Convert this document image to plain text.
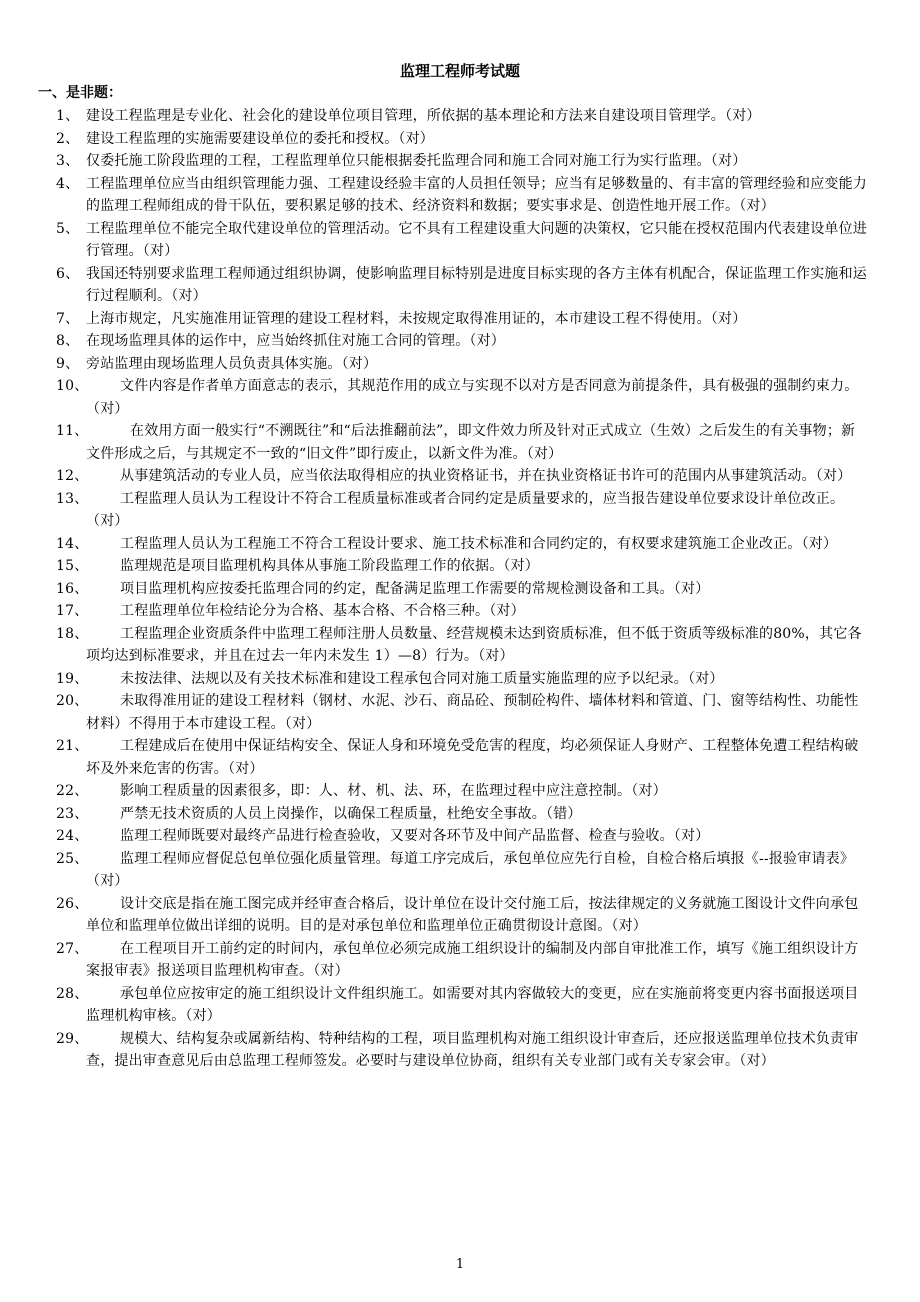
监理工程师考试题
一、是非题：
1、 建设工程监理是专业化、社会化的建设单位项目管理，所依据的基本理论和方法来自建设项目管理学。（对）
2、 建设工程监理的实施需要建设单位的委托和授权。（对）
3、 仅委托施工阶段监理的工程，工程监理单位只能根据委托监理合同和施工合同对施工行为实行监理。（对）
4、 工程监理单位应当由组织管理能力强、工程建设经验丰富的人员担任领导；应当有足够数量的、有丰富的管理经验和应变能力的监理工程师组成的骨干队伍，要积累足够的技术、经济资料和数据；要实事求是、创造性地开展工作。（对）
5、 工程监理单位不能完全取代建设单位的管理活动。它不具有工程建设重大问题的决策权，它只能在授权范围内代表建设单位进行管理。（对）
6、 我国还特别要求监理工程师通过组织协调，使影响监理目标特别是进度目标实现的各方主体有机配合，保证监理工作实施和运行过程顺利。（对）
7、 上海市规定，凡实施准用证管理的建设工程材料，未按规定取得准用证的，本市建设工程不得使用。（对）
8、 在现场监理具体的运作中，应当始终抓住对施工合同的管理。（对）
9、 旁站监理由现场监理人员负责具体实施。（对）
10、	文件内容是作者单方面意志的表示，其规范作用的成立与实现不以对方是否同意为前提条件，具有极强的强制约束力。（对）
11、	在效用方面一般实行“不溯既往”和“后法推翻前法”，即文件效力所及针对正式成立（生效）之后发生的有关事物；新文件形成之后，与其规定不一致的“旧文件”即行废止，以新文件为准。（对）
12、	从事建筑活动的专业人员，应当依法取得相应的执业资格证书，并在执业资格证书许可的范围内从事建筑活动。（对）
13、	工程监理人员认为工程设计不符合工程质量标准或者合同约定是质量要求的，应当报告建设单位要求设计单位改正。（对）
14、	工程监理人员认为工程施工不符合工程设计要求、施工技术标准和合同约定的，有权要求建筑施工企业改正。（对）
15、	监理规范是项目监理机构具体从事施工阶段监理工作的依据。（对）
16、	项目监理机构应按委托监理合同的约定，配备满足监理工作需要的常规检测设备和工具。（对）
17、	工程监理单位年检结论分为合格、基本合格、不合格三种。（对）
18、	工程监理企业资质条件中监理工程师注册人员数量、经营规模未达到资质标准，但不低于资质等级标准的80%，其它各项均达到标准要求，并且在过去一年内未发生 1）—8）行为。（对）
19、	未按法律、法规以及有关技术标准和建设工程承包合同对施工质量实施监理的应予以纪录。（对）
20、	未取得准用证的建设工程材料（钢材、水泥、沙石、商品砼、预制砼构件、墙体材料和管道、门、窗等结构性、功能性材料）不得用于本市建设工程。（对）
21、	工程建成后在使用中保证结构安全、保证人身和环境免受危害的程度，均必须保证人身财产、工程整体免遭工程结构破坏及外来危害的伤害。（对）
22、	影响工程质量的因素很多，即：人、材、机、法、环，在监理过程中应注意控制。（对）
23、	严禁无技术资质的人员上岗操作，以确保工程质量，杜绝安全事故。（错）
24、	监理工程师既要对最终产品进行检查验收，又要对各环节及中间产品监督、检查与验收。（对）
25、	监理工程师应督促总包单位强化质量管理。每道工序完成后，承包单位应先行自检，自检合格后填报《--报验审请表》（对）
26、	设计交底是指在施工图完成并经审查合格后，设计单位在设计交付施工后，按法律规定的义务就施工图设计文件向承包单位和监理单位做出详细的说明。目的是对承包单位和监理单位正确贯彻设计意图。（对）
27、	在工程项目开工前约定的时间内，承包单位必须完成施工组织设计的编制及内部自审批准工作，填写《施工组织设计方案报审表》报送项目监理机构审查。（对）
28、	承包单位应按审定的施工组织设计文件组织施工。如需要对其内容做较大的变更，应在实施前将变更内容书面报送项目监理机构审核。（对）
29、	规模大、结构复杂或属新结构、特种结构的工程，项目监理机构对施工组织设计审查后，还应报送监理单位技术负责审查，提出审查意见后由总监理工程师签发。必要时与建设单位协商，组织有关专业部门或有关专家会审。（对）
1
